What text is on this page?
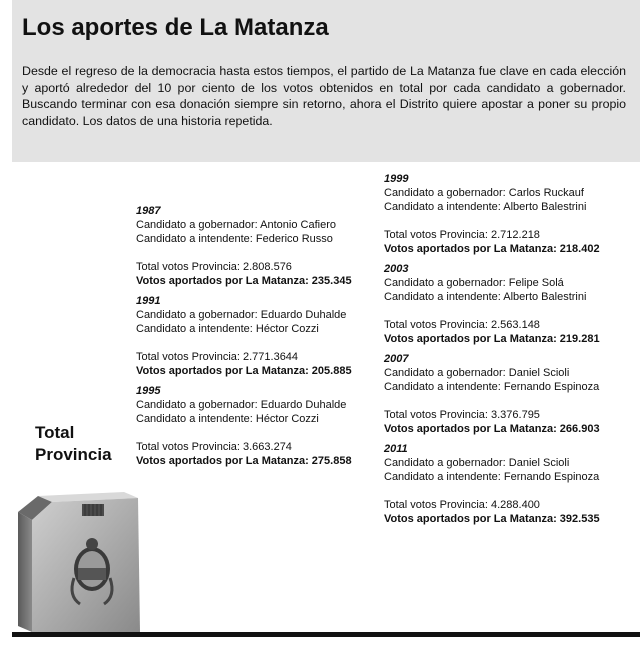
Los aportes de La Matanza

Desde el regreso de la democracia hasta estos tiempos, el partido de La Matanza fue clave en cada elección y aportó alrededor del 10 por ciento de los votos obtenidos en total por cada candidato a gobernador. Buscando terminar con esa donación siempre sin retorno, ahora el Distrito quiere apostar a poner su propio candidato. Los datos de una historia repetida.

Total Provincia

1987

Candidato a gobernador: Antonio Cafiero

Candidato a intendente: Federico Russo

Total votos Provincia: 2.808.576

Votos aportados por La Matanza: 235.345

1991

Candidato a gobernador: Eduardo Duhalde

Candidato a intendente: Héctor Cozzi

Total votos Provincia: 2.771.3644

Votos aportados por La Matanza: 205.885

1995

Candidato a gobernador: Eduardo Duhalde

Candidato a intendente: Héctor Cozzi

Total votos Provincia: 3.663.274

Votos aportados por La Matanza: 275.858

1999

Candidato a gobernador: Carlos Ruckauf

Candidato a intendente: Alberto Balestrini

Total votos Provincia: 2.712.218

Votos aportados por La Matanza: 218.402

2003

Candidato a gobernador: Felipe Solá

Candidato a intendente: Alberto Balestrini

Total votos Provincia: 2.563.148

Votos aportados por La Matanza: 219.281

2007

Candidato a gobernador: Daniel Scioli

Candidato a intendente: Fernando Espinoza

Total votos Provincia: 3.376.795

Votos aportados por La Matanza: 266.903

2011

Candidato a gobernador: Daniel Scioli

Candidato a intendente: Fernando Espinoza

Total votos Provincia: 4.288.400

Votos aportados por La Matanza: 392.535
